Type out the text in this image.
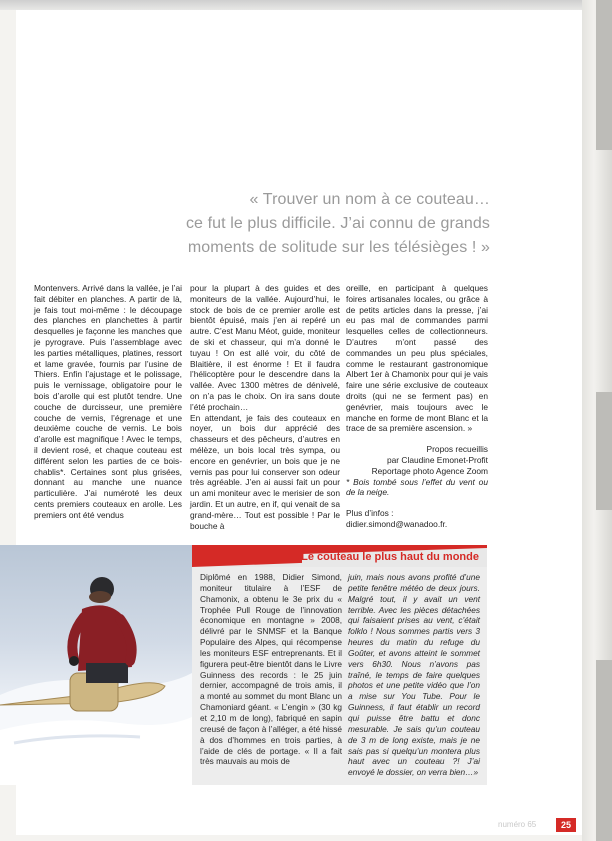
« Trouver un nom à ce couteau…

ce fut le plus difficile. J’ai connu de grands

moments de solitude sur les télésièges ! »

Montenvers. Arrivé dans la vallée, je l’ai fait débiter en planches. A partir de là, je fais tout moi-même : le découpage des planches en planchettes à partir desquelles je façonne les manches que je pyrograve. Puis l’assemblage avec les parties métalliques, platines, ressort et lame gravée, fournis par l’usine de Thiers. Enfin l’ajustage et le polissage, puis le vernissage, obligatoire pour le bois d’arolle qui est plutôt tendre. Une couche de durcisseur, une première couche de vernis, l’égrenage et une deuxième couche de vernis. Le bois d’arolle est magnifique ! Avec le temps, il devient rosé, et chaque couteau est différent selon les parties de ce bois-chablis*. Certaines sont plus grisées, donnant au manche une nuance particulière. J’ai numéroté les deux cents premiers couteaux en arolle. Les premiers ont été vendus

pour la plupart à des guides et des moniteurs de la vallée. Aujourd’hui, le stock de bois de ce premier arolle est bientôt épuisé, mais j’en ai repéré un autre. C’est Manu Méot, guide, moniteur de ski et chasseur, qui m’a donné le tuyau ! On est allé voir, du côté de Blaitière, il est énorme ! Et il faudra l’hélicoptère pour le descendre dans la vallée. Avec 1300 mètres de dénivelé, on n’a pas le choix. On ira sans doute l’été prochain…
En attendant, je fais des couteaux en noyer, un bois dur apprécié des chasseurs et des pêcheurs, d’autres en mélèze, un bois local très sympa, ou encore en genévrier, un bois que je ne vernis pas pour lui conserver son odeur très agréable. J’en ai aussi fait un pour un ami moniteur avec le merisier de son jardin. Et un autre, en if, qui venait de sa grand-mère… Tout est possible ! Par le bouche à

oreille, en participant à quelques foires artisanales locales, ou grâce à de petits articles dans la presse, j’ai eu pas mal de commandes parmi lesquelles celles de collectionneurs. D’autres m’ont passé des commandes un peu plus spéciales, comme le restaurant gastronomique Albert 1er à Chamonix pour qui je vais faire une série exclusive de couteaux droits (qui ne se ferment pas) en genévrier, mais toujours avec le manche en forme de mont Blanc et la trace de sa première ascension. »

Propos recueillis
par Claudine Emonet-Profit
Reportage photo Agence Zoom

* Bois tombé sous l’effet du vent ou de la neige.

Plus d’infos :
didier.simond@wanadoo.fr.
Le couteau le plus haut du monde

Diplômé en 1988, Didier Simond, moniteur titulaire à l’ESF de Chamonix, a obtenu le 3e prix du « Trophée Pull Rouge de l’innovation économique en montagne » 2008, délivré par le SNMSF et la Banque Populaire des Alpes, qui récompense les moniteurs ESF entreprenants. Et il figurera peut-être bientôt dans le Livre Guinness des records : le 25 juin dernier, accompagné de trois amis, il a monté au sommet du mont Blanc un Chamoniard géant. « L’engin » (30 kg et 2,10 m de long), fabriqué en sapin creusé de façon à l’alléger, a été hissé à dos d’hommes en trois parties, à l’aide de clés de portage. « Il a fait très mauvais au mois de

juin, mais nous avons profité d’une petite fenêtre météo de deux jours. Malgré tout, il y avait un vent terrible. Avec les pièces détachées qui faisaient prises au vent, c’était folklo ! Nous sommes partis vers 3 heures du matin du refuge du Goûter, et avons atteint le sommet vers 6h30. Nous n’avons pas traîné, le temps de faire quelques photos et une petite vidéo que l’on a mise sur You Tube. Pour le Guinness, il faut établir un record qui puisse être battu et donc mesurable. Je sais qu’un couteau de 3 m de long existe, mais je ne sais pas si quelqu’un montera plus haut avec un couteau ?! J’ai envoyé le dossier, on verra bien…»

numéro 65	25
